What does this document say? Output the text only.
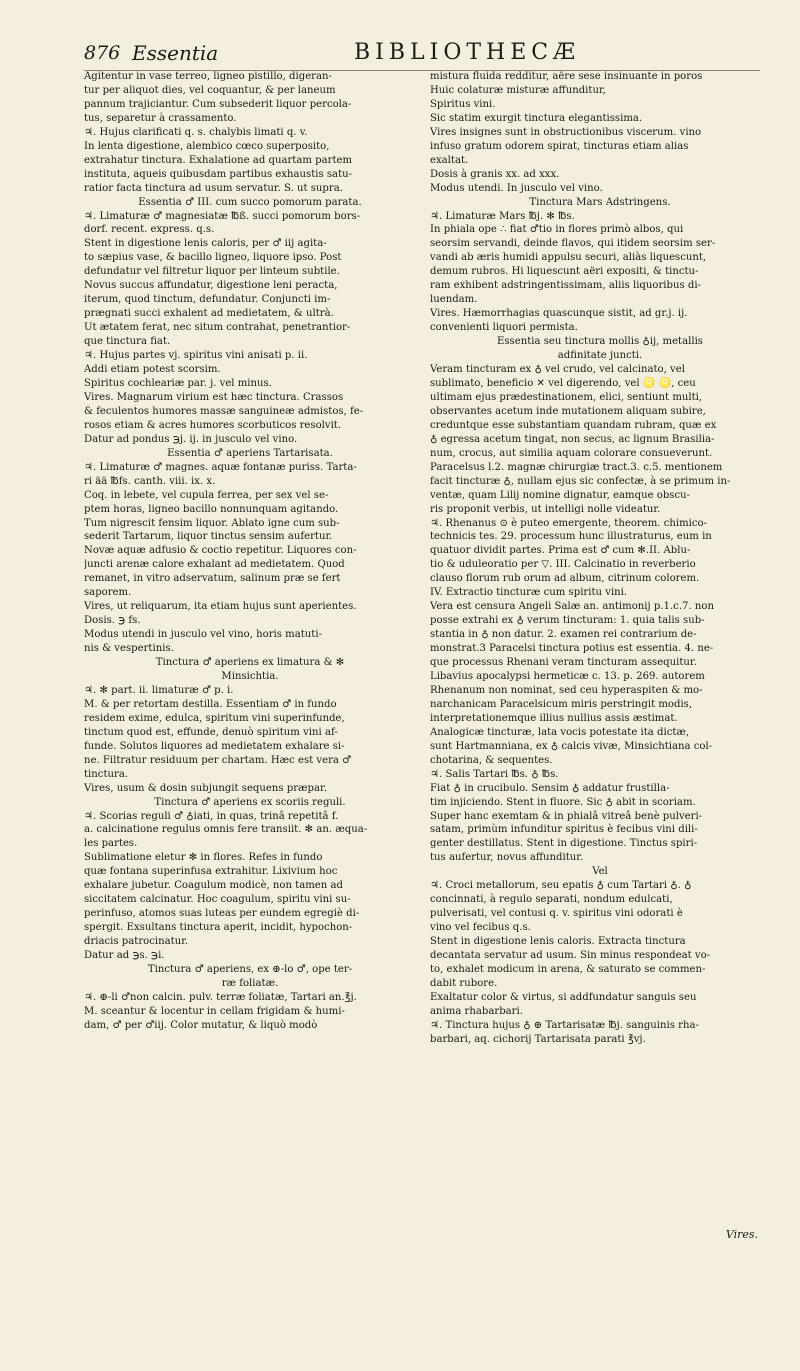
876 Essentia	BIBLIOTHECÆ

Agitentur in vase terreo, ligneo pistillo, digeran-

tur per aliquot dies, vel coquantur, & per laneum

pannum trajiciantur. Cum subsederit liquor percola-

tus, separetur à crassamento.

♃. Hujus clarificati q. s. chalybis limati q. v.

In lenta digestione, alembico cœco superposito,

extrahatur tinctura. Exhalatione ad quartam partem

instituta, aqueis quibusdam partibus exhaustis satu-

ratior facta tinctura ad usum servatur. S. ut supra.

Essentia ♂ III. cum succo pomorum parata.

♃. Limaturæ ♂ magnesiatæ ℔ß. succi pomorum bors-

dorf. recent. express. q.s.

Stent in digestione lenis caloris, per ♂ iij agita-

to sæpius vase, & bacillo ligneo, liquore ipso. Post

defundatur vel filtretur liquor per linteum subtile.

Novus succus affundatur, digestione leni peracta,

iterum, quod tinctum, defundatur. Conjuncti im-

prægnati succi exhalent ad medietatem, & ultrà.

Ut ætatem ferat, nec situm contrahat, penetrantior-

que tinctura fiat.

♃. Hujus partes vj. spiritus vini anisati p. ii.

Addi etiam potest scorsim.

Spiritus cochleariæ par. j. vel minus.

Vires. Magnarum virium est hæc tinctura. Crassos

& feculentos humores massæ sanguineæ admistos, fe-

rosos etiam & acres humores scorbuticos resolvit.

Datur ad pondus ℈j. ij. in jusculo vel vino.

Essentia ♂ aperiens Tartarisata.

♃. Limaturæ ♂ magnes. aquæ fontanæ puriss. Tarta-

ri ää ℔fs. canth. viii. ix. x.

Coq. in lebete, vel cupula ferrea, per sex vel se-

ptem horas, ligneo bacillo nonnunquam agitando.

Tum nigrescit fensim liquor. Ablato igne cum sub-

sederit Tartarum, liquor tinctus sensim aufertur.

Novæ aquæ adfusio & coctio repetitur. Liquores con-

juncti arenæ calore exhalant ad medietatem. Quod

remanet, in vitro adservatum, salinum præ se fert

saporem.

Vires, ut reliquarum, ita etiam hujus sunt aperientes.

Dosis. ℈ fs.

Modus utendi in jusculo vel vino, horis matuti-

nis & vespertinis.

Tinctura ♂ aperiens ex limatura & ✻

Minsichtia.

♃. ✻ part. ii. limaturæ ♂ p. i.

M. & per retortam destilla. Essentiam ♂ in fundo

residem exime, edulca, spiritum vini superinfunde,

tinctum quod est, effunde, denuò spiritum vini af-

funde. Solutos liquores ad medietatem exhalare si-

ne. Filtratur residuum per chartam. Hæc est vera ♂

tinctura.

Vires, usum & dosin subjungit sequens præpar.

Tinctura ♂ aperiens ex scoriis reguli.

♃. Scorias reguli ♂ ♁iati, in quas, trinâ repetitâ f.

a. calcinatione regulus omnis fere transiit. ✻ an. æqua-

les partes.

Sublimatione eletur ✻ in flores. Refes in fundo

quæ fontana superinfusa extrahitur. Lixivium hoc

exhalare jubetur. Coagulum modicè, non tamen ad

siccitatem calcinatur. Hoc coagulum, spiritu vini su-

perinfuso, atomos suas luteas per eundem egregiè di-

spergit. Exsultans tinctura aperit, incidit, hypochon-

driacis patrocinatur.

Datur ad ℈s. ℈i.

Tinctura ♂ aperiens, ex ⊕-lo ♂, ope ter-

ræ foliatæ.

♃. ⊕-li ♂non calcin. pulv. terræ foliatæ, Tartari an.℥j.

M. sceantur & locentur in cellam frigidam & humi-

dam, ♂ per ♂iij. Color mutatur, & liquò modò

mistura fluida redditur, aëre sese insinuante in poros

Huic colaturæ misturæ affunditur,

Spiritus vini.

Sic statim exurgit tinctura elegantissima.

Vires insignes sunt in obstructionibus viscerum. vino

infuso gratum odorem spirat, tincturas etiam alias

exaltat.

Dosis à granis xx. ad xxx.

Modus utendi. In jusculo vel vino.

Tinctura Mars Adstringens.

♃. Limaturæ Mars ℔j. ✻ ℔s.

In phiala ope ∴ fiat ♂tio in flores primò albos, qui

seorsim servandi, deinde flavos, qui itidem seorsim ser-

vandi ab æris humidi appulsu securi, aliàs liquescunt,

demum rubros. Hi liquescunt aëri expositi, & tinctu-

ram exhibent adstringentissimam, aliis liquoribus di-

luendam.

Vires. Hæmorrhagias quascunque sistit, ad gr.j. ij.

convenienti liquori permista.

Essentia seu tinctura mollis ♁ij, metallis

adfinitate juncti.

Veram tincturam ex ♁ vel crudo, vel calcinato, vel

sublimato, beneficio ✕ vel digerendo, vel ♌ ♌, ceu

ultimam ejus prædestinationem, elici, sentiunt multi,

observantes acetum inde mutationem aliquam subire,

creduntque esse substantiam quandam rubram, quæ ex

♁ egressa acetum tingat, non secus, ac lignum Brasilia-

num, crocus, aut similia aquam colorare consueverunt.

Paracelsus l.2. magnæ chirurgiæ tract.3. c.5. mentionem

facit tincturæ ♁, nullam ejus sic confectæ, à se primum in-

ventæ, quam Lilij nomine dignatur, eamque obscu-

ris proponit verbis, ut intelligi nolle videatur.

♃. Rhenanus ⊙ è puteo emergente, theorem. chimico-

technicis tes. 29. processum hunc illustraturus, eum in

quatuor dividit partes. Prima est ♂ cum ✻.II. Ablu-

tio & uduleoratio per ▽. III. Calcinatio in reverberio

clauso florum rub orum ad album, citrinum colorem.

IV. Extractio tincturæ cum spiritu vini.

Vera est censura Angeli Salæ an. antimonij p.1.c.7. non

posse extrahi ex ♁ verum tincturam: 1. quia talis sub-

stantia in ♁ non datur. 2. examen rei contrarium de-

monstrat.3 Paracelsi tinctura potius est essentia. 4. ne-

que processus Rhenani veram tincturam assequitur.

Libavius apocalypsi hermeticæ c. 13. p. 269. autorem

Rhenanum non nominat, sed ceu hyperaspiten & mo-

narchanicam Paracelsicum miris perstringit modis,

interpretationemque illius nullius assis æstimat.

Analogicæ tincturæ, lata vocis potestate ita dictæ,

sunt Hartmanniana, ex ♁ calcis vivæ, Minsichtiana col-

chotarina, & sequentes.

♃. Salis Tartari ℔s. ♁ ℔s.

Fiat ♁ in crucibulo. Sensim ♁ addatur frustilla-

tim injiciendo. Stent in fluore. Sic ♁ abit in scoriam.

Super hanc exemtam & in phialâ vitreâ benè pulveri-

satam, primùm infunditur spiritus è fecibus vini dili-

genter destillatus. Stent in digestione. Tinctus spiri-

tus aufertur, novus affunditur.

Vel

♃. Croci metallorum, seu epatis ♁ cum Tartari ♁. ♁

concinnati, à regulo separati, nondum edulcati,

pulverisati, vel contusi q. v. spiritus vini odorati è

vino vel fecibus q.s.

Stent in digestione lenis caloris. Extracta tinctura

decantata servatur ad usum. Sin minus respondeat vo-

to, exhalet modicum in arena, & saturato se commen-

dabit rubore.

Exaltatur color & virtus, si addfundatur sanguis seu

anima rhabarbari.

♃. Tinctura hujus ♁ ⊕ Tartarisatæ ℔j. sanguinis rha-

barbari, aq. cichorij Tartarisata parati ℥vj.

Vires.
